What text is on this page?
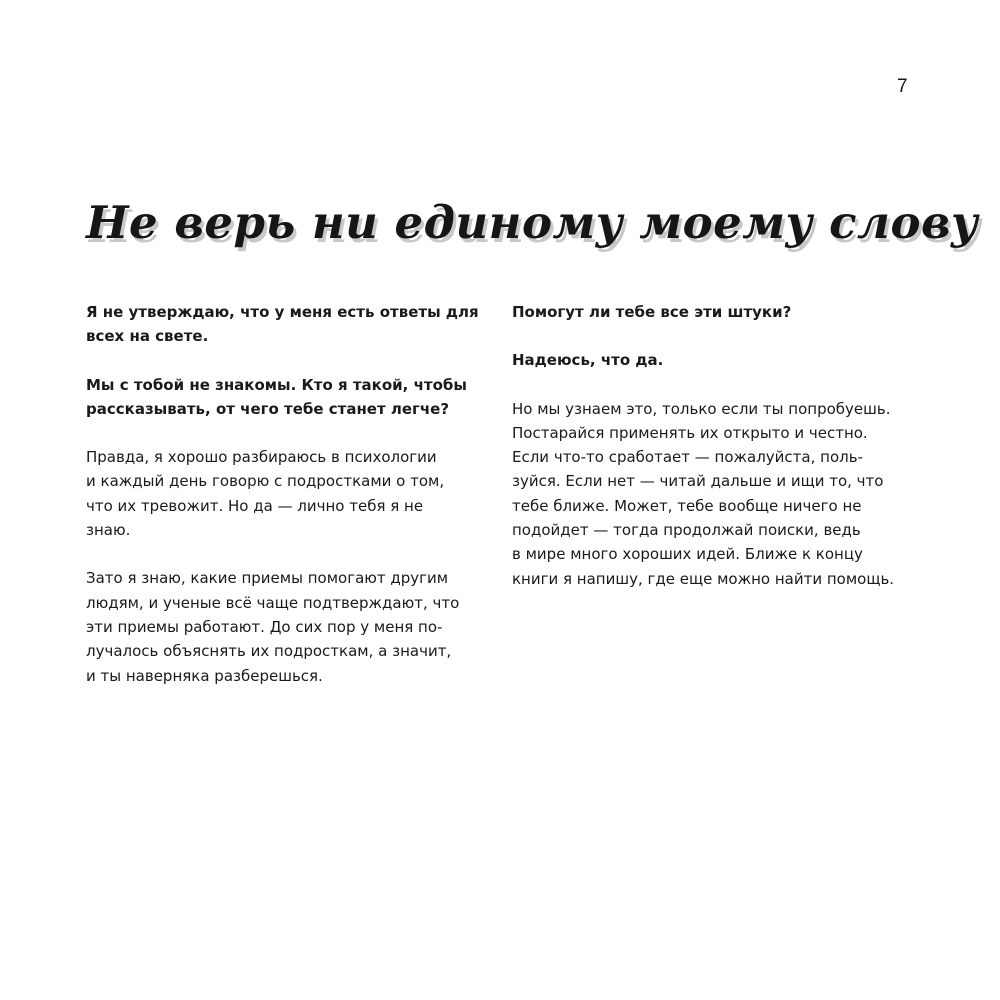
7
Не верь ни единому моему слову

Я не утверждаю, что у меня есть ответы для
всех на свете.

Мы с тобой не знакомы. Кто я такой, чтобы
рассказывать, от чего тебе станет легче?

Правда, я хорошо разбираюсь в психологии
и каждый день говорю с подростками о том,
что их тревожит. Но да — лично тебя я не
знаю.

Зато я знаю, какие приемы помогают другим
людям, и ученые всё чаще подтверждают, что
эти приемы работают. До сих пор у меня по-
лучалось объяснять их подросткам, а значит,
и ты наверняка разберешься.

Помогут ли тебе все эти штуки?

Надеюсь, что да.

Но мы узнаем это, только если ты попробуешь.
Постарайся применять их открыто и честно.
Если что-то сработает — пожалуйста, поль-
зуйся. Если нет — читай дальше и ищи то, что
тебе ближе. Может, тебе вообще ничего не
подойдет — тогда продолжай поиски, ведь
в мире много хороших идей. Ближе к концу
книги я напишу, где еще можно найти помощь.
